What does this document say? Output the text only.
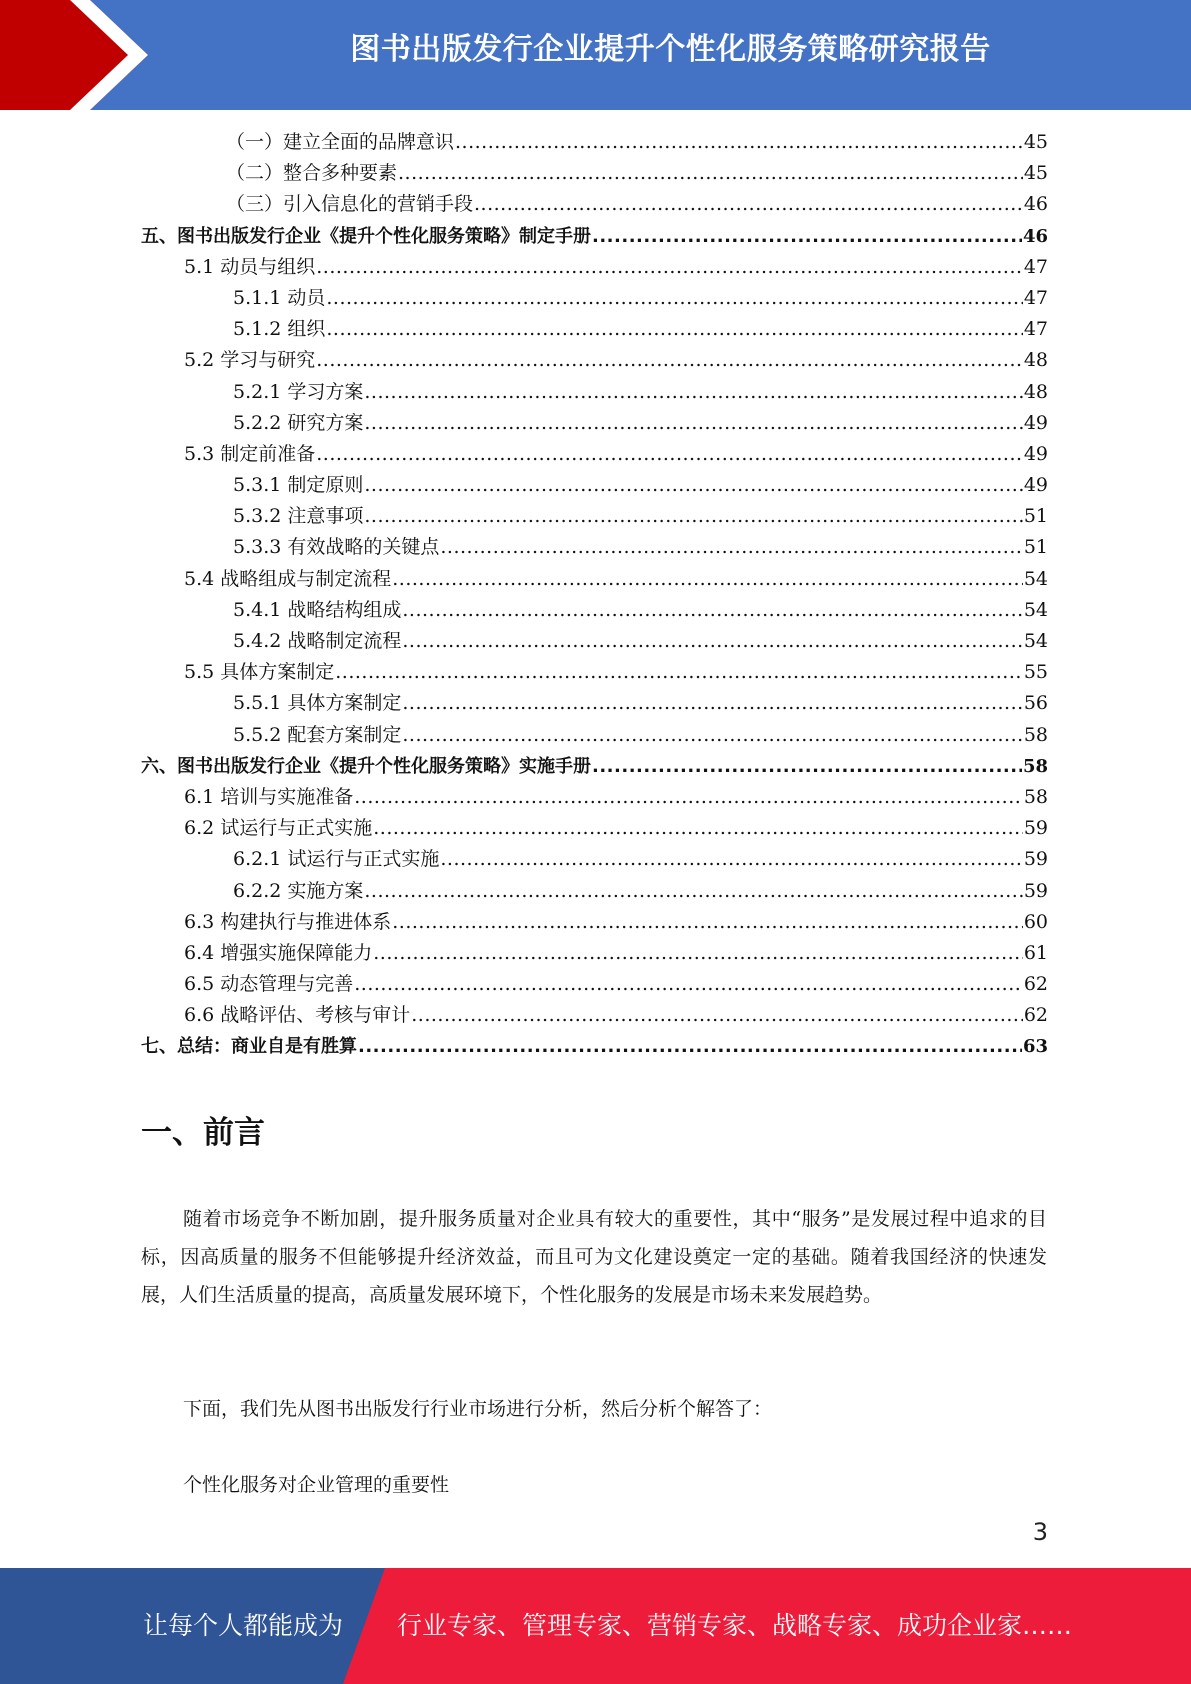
图书出版发行企业提升个性化服务策略研究报告
（一）建立全面的品牌意识 .....	45
（二）整合多种要素 .....	45
（三）引入信息化的营销手段 .....	46
五、图书出版发行企业《提升个性化服务策略》制定手册 .....	46
5.1 动员与组织 .....	47
5.1.1 动员 .....	47
5.1.2 组织 .....	47
5.2 学习与研究 .....	48
5.2.1 学习方案 .....	48
5.2.2 研究方案 .....	49
5.3 制定前准备 .....	49
5.3.1 制定原则 .....	49
5.3.2 注意事项 .....	51
5.3.3 有效战略的关键点 .....	51
5.4 战略组成与制定流程 .....	54
5.4.1 战略结构组成 .....	54
5.4.2 战略制定流程 .....	54
5.5 具体方案制定 .....	55
5.5.1 具体方案制定 .....	56
5.5.2 配套方案制定 .....	58
六、图书出版发行企业《提升个性化服务策略》实施手册 .....	58
6.1 培训与实施准备 .....	58
6.2 试运行与正式实施 .....	59
6.2.1 试运行与正式实施 .....	59
6.2.2 实施方案 .....	59
6.3 构建执行与推进体系 .....	60
6.4 增强实施保障能力 .....	61
6.5 动态管理与完善 .....	62
6.6 战略评估、考核与审计 .....	62
七、总结：商业自是有胜算 .....	63
一、前言

随着市场竞争不断加剧，提升服务质量对企业具有较大的重要性，其中“服务”是发展过程中追求的目标，因高质量的服务不但能够提升经济效益，而且可为文化建设奠定一定的基础。随着我国经济的快速发展，人们生活质量的提高，高质量发展环境下，个性化服务的发展是市场未来发展趋势。

下面，我们先从图书出版发行行业市场进行分析，然后分析个解答了：

个性化服务对企业管理的重要性

3
让每个人都能成为 行业专家、管理专家、营销专家、战略专家、成功企业家……
